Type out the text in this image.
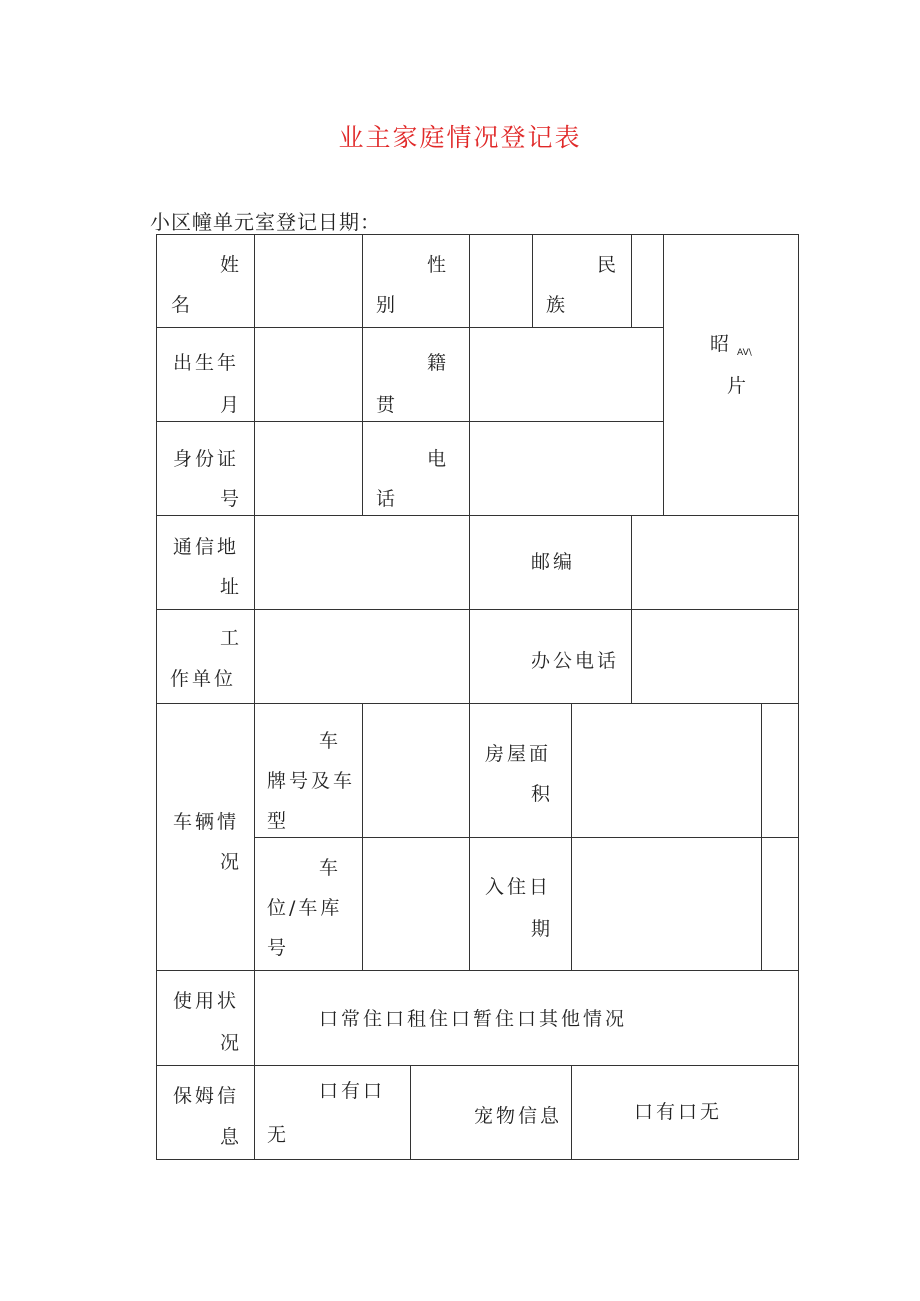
业主家庭情况登记表
小区幢单元室登记日期：
姓
名
性
别
民
族
昭 AV\
片
出生年
月
籍
贯
身份证
号
电
话
通信地
址
邮编
工
作单位
办公电话
车辆情
况
车
牌号及车
型
房屋面
积
车
位/车库
号
入住日
期
使用状
况
口常住口租住口暂住口其他情况
保姆信
息
口有口
无
宠物信息	口有口无
